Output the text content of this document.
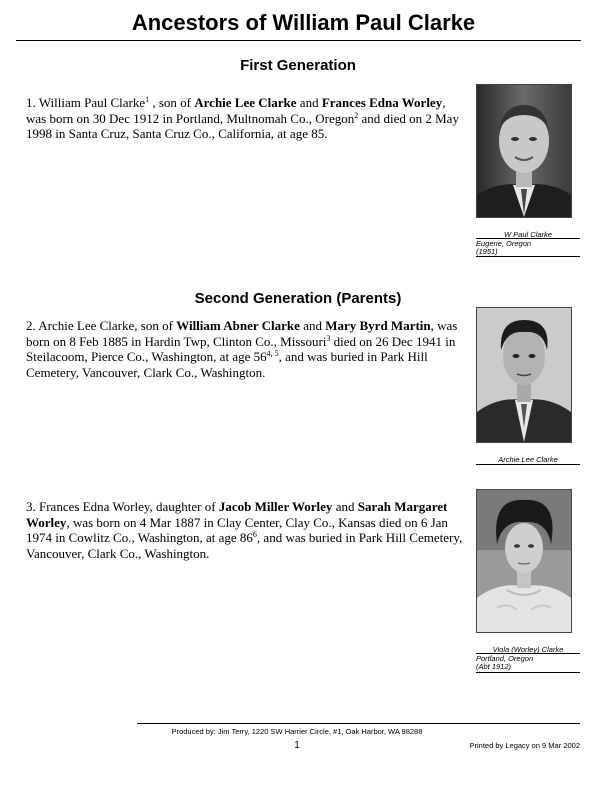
Ancestors of William Paul Clarke
First Generation
1. William Paul Clarke$^1$ , son of Archie Lee Clarke and Frances Edna Worley, was born on 30 Dec 1912 in Portland, Multnomah Co., Oregon$^2$ and died on 2 May 1998 in Santa Cruz, Santa Cruz Co., California, at age 85.
W Paul Clarke
Eugene, Oregon
(1951)
Second Generation (Parents)
2. Archie Lee Clarke, son of William Abner Clarke and Mary Byrd Martin, was born on 8 Feb 1885 in Hardin Twp, Clinton Co., Missouri$^3$ died on 26 Dec 1941 in Steilacoom, Pierce Co., Washington, at age 56$^{4, 5}$, and was buried in Park Hill Cemetery, Vancouver, Clark Co., Washington.
Archie Lee Clarke
3. Frances Edna Worley, daughter of Jacob Miller Worley and Sarah Margaret Worley, was born on 4 Mar 1887 in Clay Center, Clay Co., Kansas died on 6 Jan 1974 in Cowlitz Co., Washington, at age $86^6$, and was buried in Park Hill Cemetery, Vancouver, Clark Co., Washington.
Viola (Worley) Clarke
Portland, Oregon
(Abt 1912)
Produced by: Jim Terry, 1220 SW Harrier Circle, #1, Oak Harbor, WA 98288
1	Printed by Legacy on 9 Mar 2002
